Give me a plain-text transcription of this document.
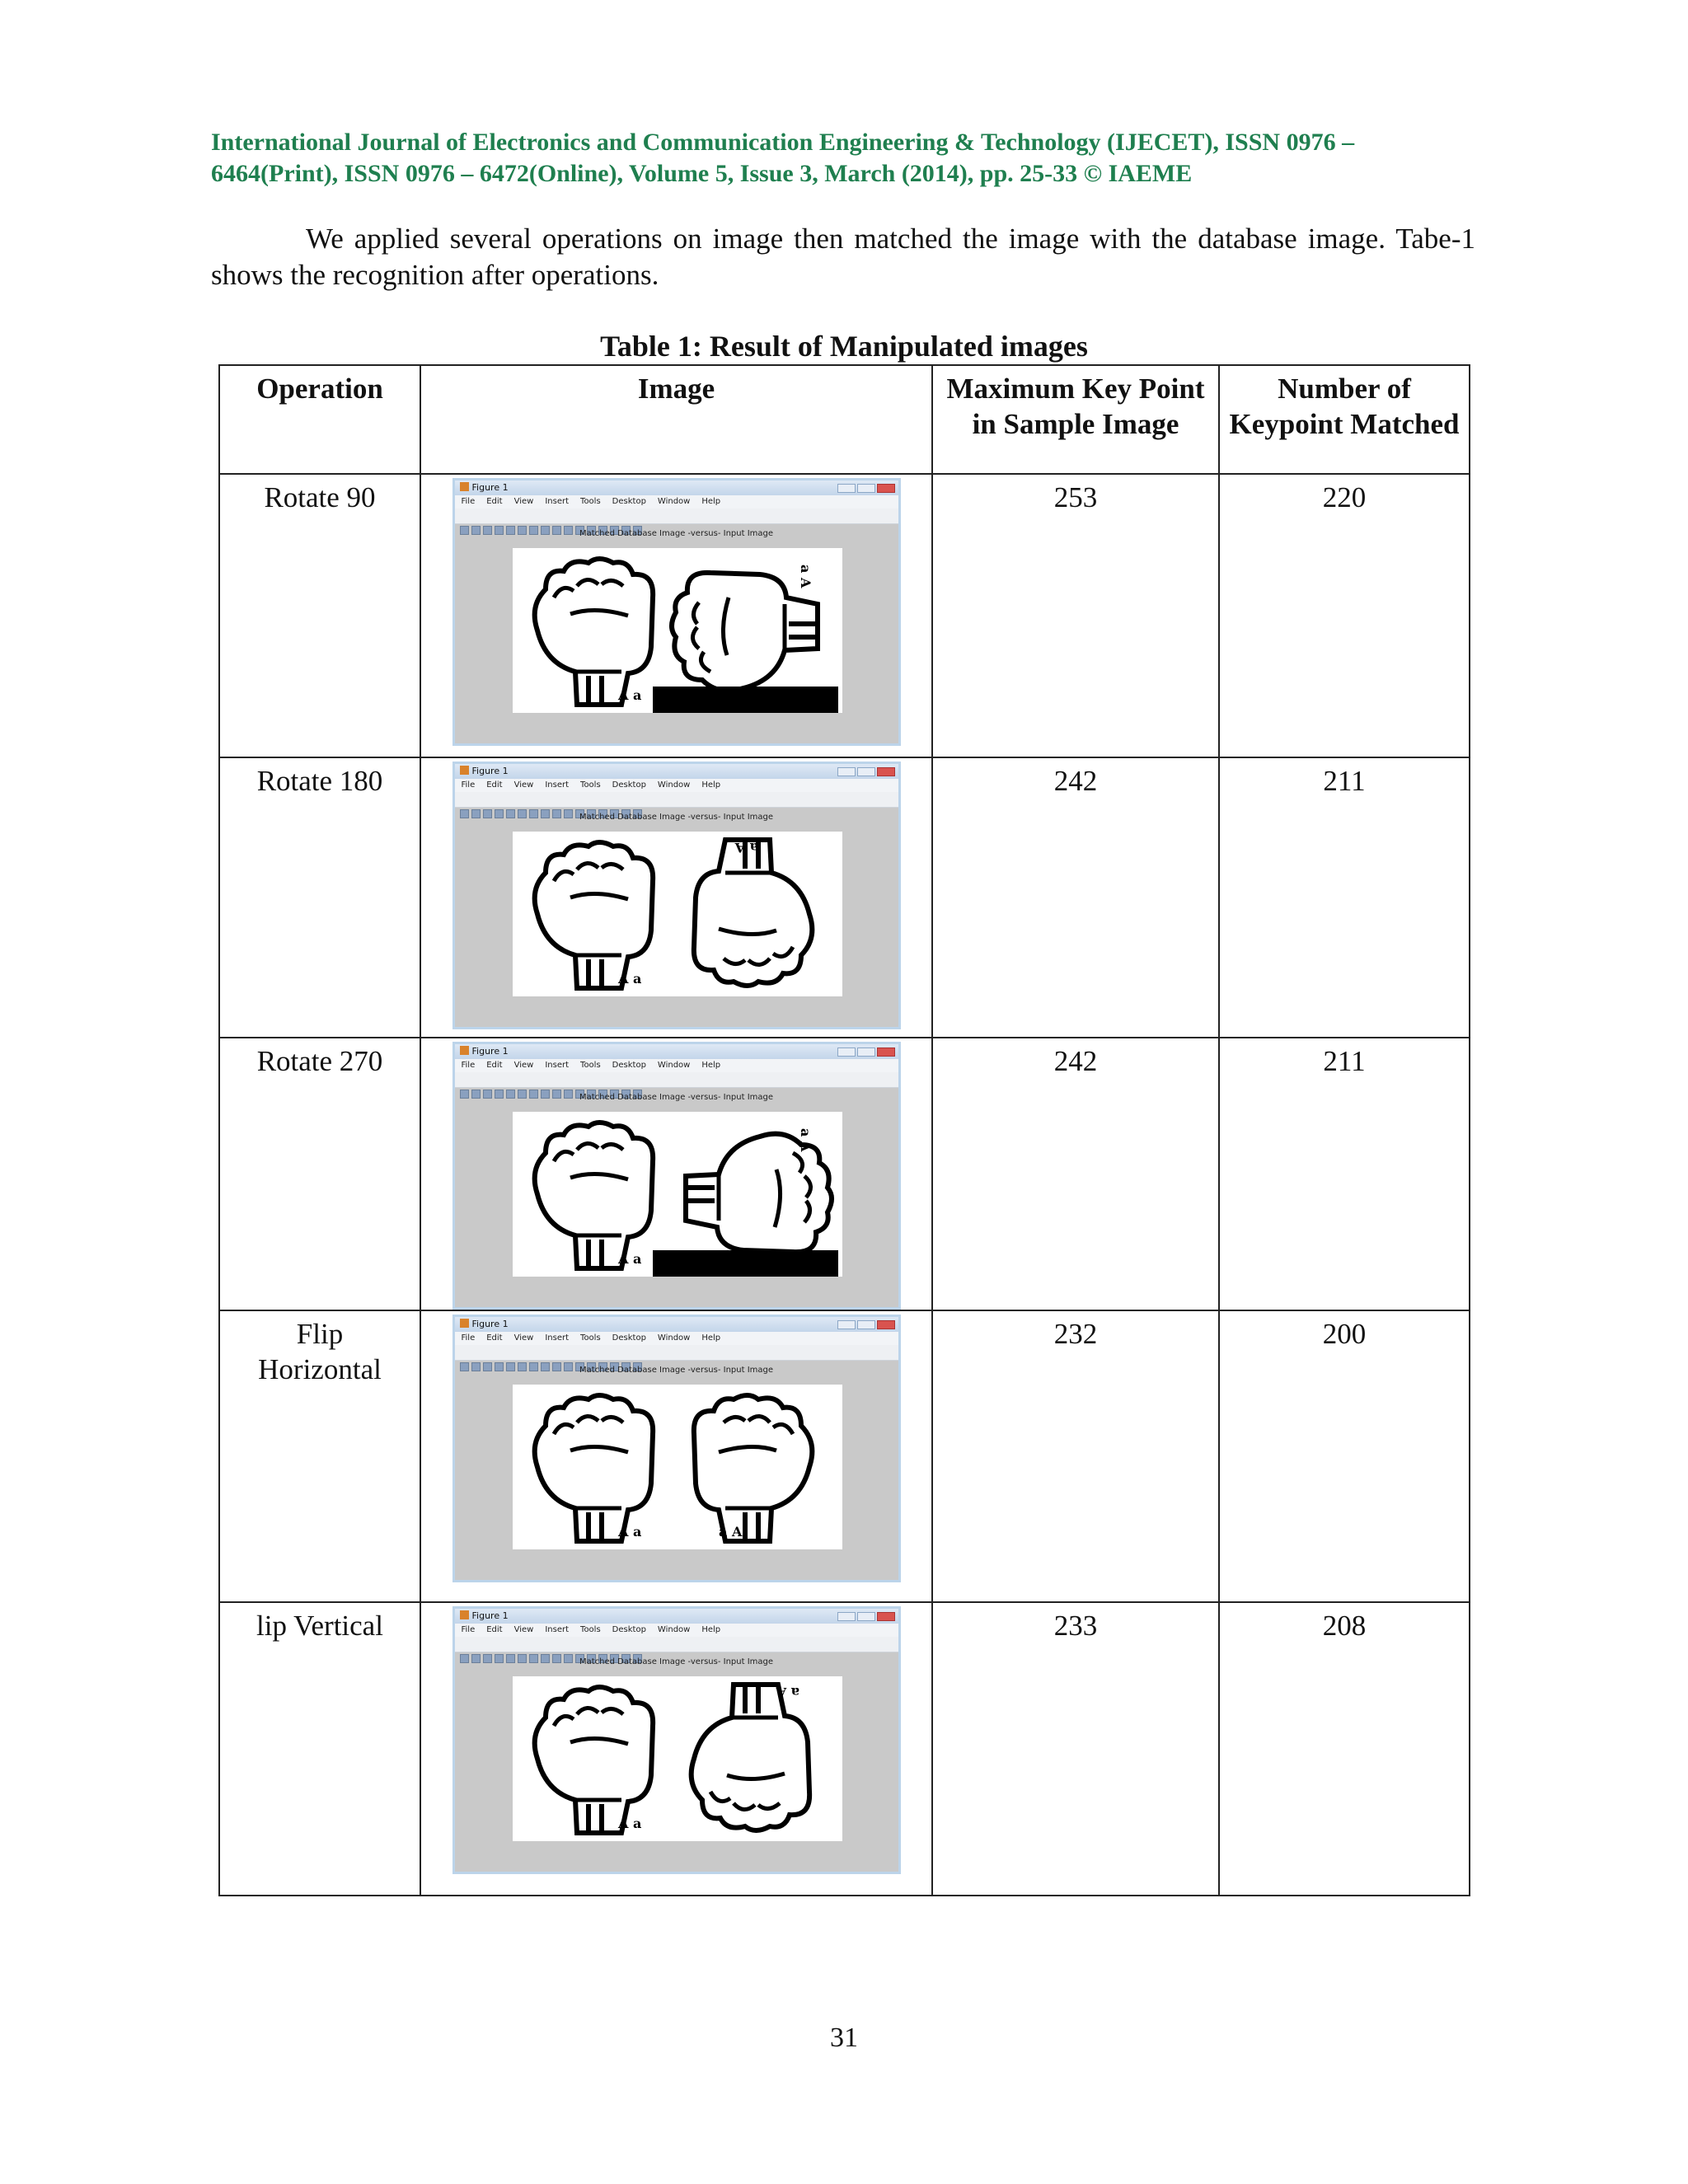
International Journal of Electronics and Communication Engineering & Technology (IJECET), ISSN 0976 – 6464(Print), ISSN 0976 – 6472(Online), Volume 5, Issue 3, March (2014), pp. 25-33 © IAEME

We applied several operations on image then matched the image with the database image. Tabe-1 shows the recognition after operations.

Table 1: Result of Manipulated images
Operation	Image	Maximum Key Point in Sample Image	Number of Keypoint Matched
Rotate 90	Figure 1
File Edit View Insert Tools Desktop Window Help
Matched Database Image -versus- Input Image
A a
a A	253	220
Rotate 180	Figure 1
File Edit View Insert Tools Desktop Window Help
Matched Database Image -versus- Input Image
A a
a A	242	211
Rotate 270	Figure 1
File Edit View Insert Tools Desktop Window Help
Matched Database Image -versus- Input Image
A a
a A	242	211
Flip Horizontal	Figure 1
File Edit View Insert Tools Desktop Window Help
Matched Database Image -versus- Input Image
A a a A	232	200
lip Vertical	Figure 1
File Edit View Insert Tools Desktop Window Help
Matched Database Image -versus- Input Image
A a
a A	233	208
31
